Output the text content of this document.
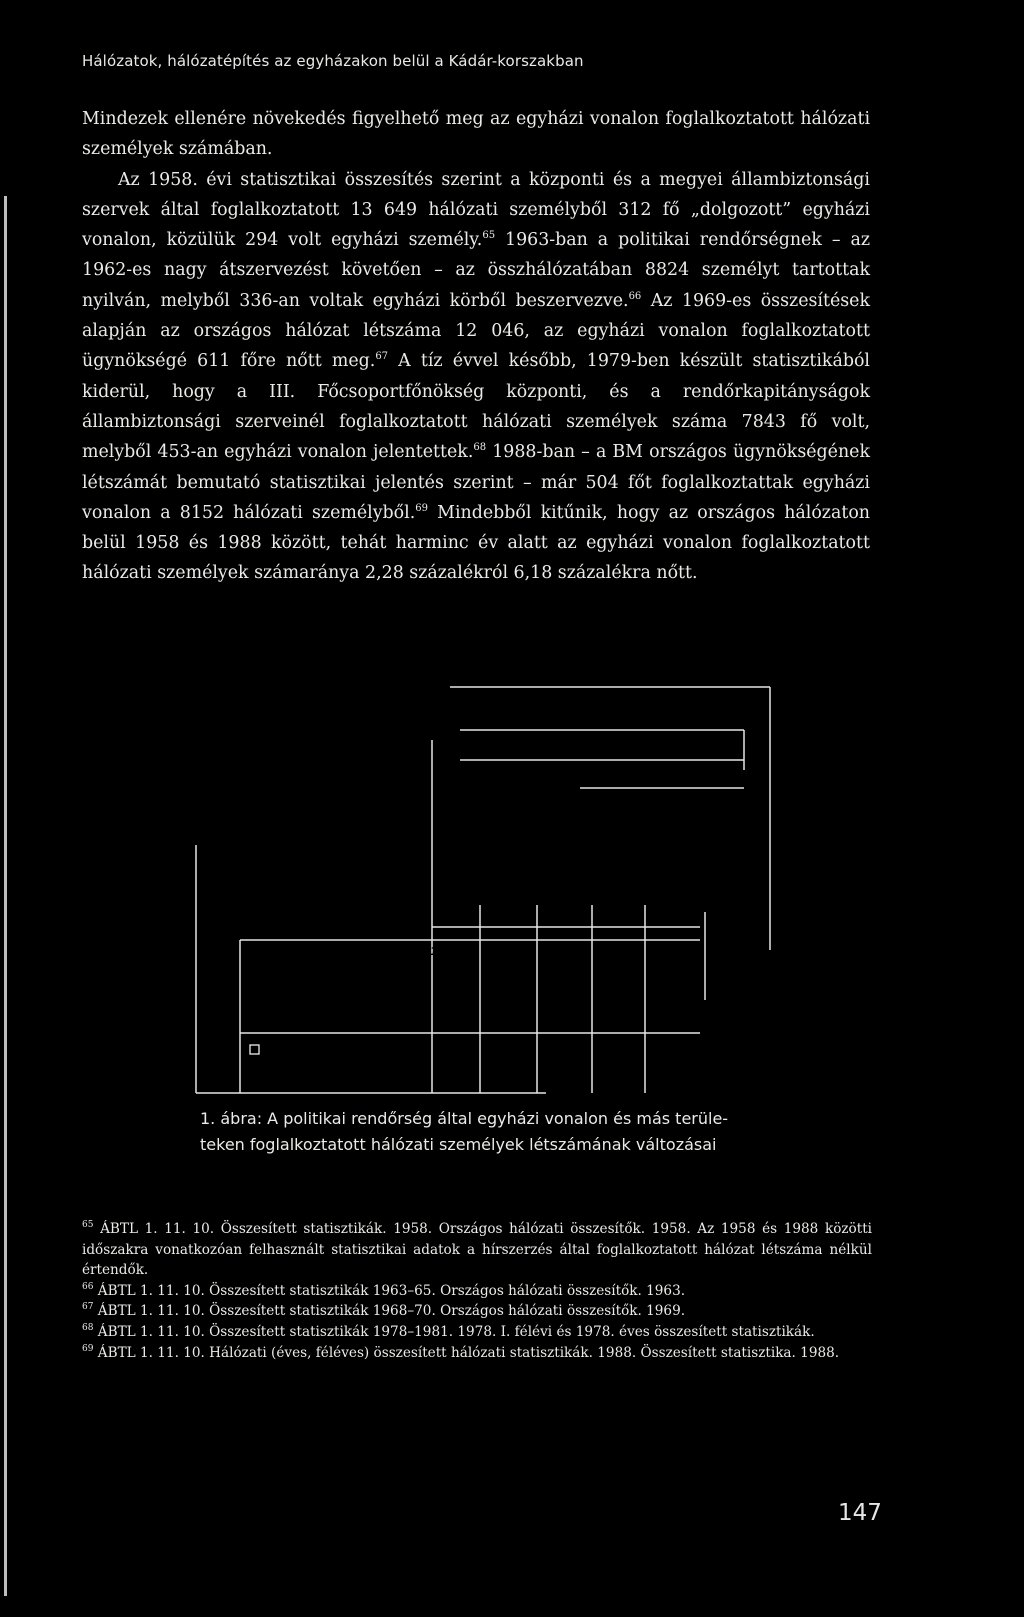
Hálózatok, hálózatépítés az egyházakon belül a Kádár-korszakban

Mindezek ellenére növekedés figyelhető meg az egyházi vonalon foglalkoztatott hálózati személyek számában.

Az 1958. évi statisztikai összesítés szerint a központi és a megyei állambiztonsági szervek által foglalkoztatott 13 649 hálózati személyből 312 fő „dolgozott” egyházi vonalon, közülük 294 volt egyházi személy.$^{65}$ 1963-ban a politikai rendőrségnek – az 1962-es nagy átszervezést követően – az összhálózatában 8824 személyt tartottak nyilván, melyből 336-an voltak egyházi körből beszervezve.$^{66}$ Az 1969-es összesítések alapján az országos hálózat létszáma 12 046, az egyházi vonalon foglalkoztatott ügynökségé 611 főre nőtt meg.$^{67}$ A tíz évvel később, 1979-ben készült statisztikából kiderül, hogy a III. Főcsoportfőnökség központi, és a rendőrkapitányságok állambiztonsági szerveinél foglalkoztatott hálózati személyek száma 7843 fő volt, melyből 453-an egyházi vonalon jelentettek.$^{68}$ 1988-ban – a BM országos ügynökségének létszámát bemutató statisztikai jelentés szerint – már 504 főt foglalkoztattak egyházi vonalon a 8152 hálózati személyből.$^{69}$ Mindebből kitűnik, hogy az országos hálózaton belül 1958 és 1988 között, tehát harminc év alatt az egyházi vonalon foglalkoztatott hálózati személyek számaránya 2,28 százalékról 6,18 százalékra nőtt.

12000
4000
2000
1958	1988
a politikai rendőrség
által foglalkoztatott
összes hálózati
személy (a hírszerzés
kivételével)
egyházi vonalon
foglalkoztatott hálózati
személyek
13649	12046
1. ábra: A politikai rendőrség által egyházi vonalon és más terüle-
teken foglalkoztatott hálózati személyek létszámának változásai

$^{65}$ ÁBTL 1. 11. 10. Összesített statisztikák. 1958. Országos hálózati összesítők. 1958. Az 1958 és 1988 közötti időszakra vonatkozóan felhasznált statisztikai adatok a hírszerzés által foglalkoztatott hálózat létszáma nélkül értendők.

$^{66}$ ÁBTL 1. 11. 10. Összesített statisztikák 1963–65. Országos hálózati összesítők. 1963.

$^{67}$ ÁBTL 1. 11. 10. Összesített statisztikák 1968–70. Országos hálózati összesítők. 1969.

$^{68}$ ÁBTL 1. 11. 10. Összesített statisztikák 1978–1981. 1978. I. félévi és 1978. éves összesített statisztikák.

$^{69}$ ÁBTL 1. 11. 10. Hálózati (éves, féléves) összesített hálózati statisztikák. 1988. Összesített statisztika. 1988.

147
